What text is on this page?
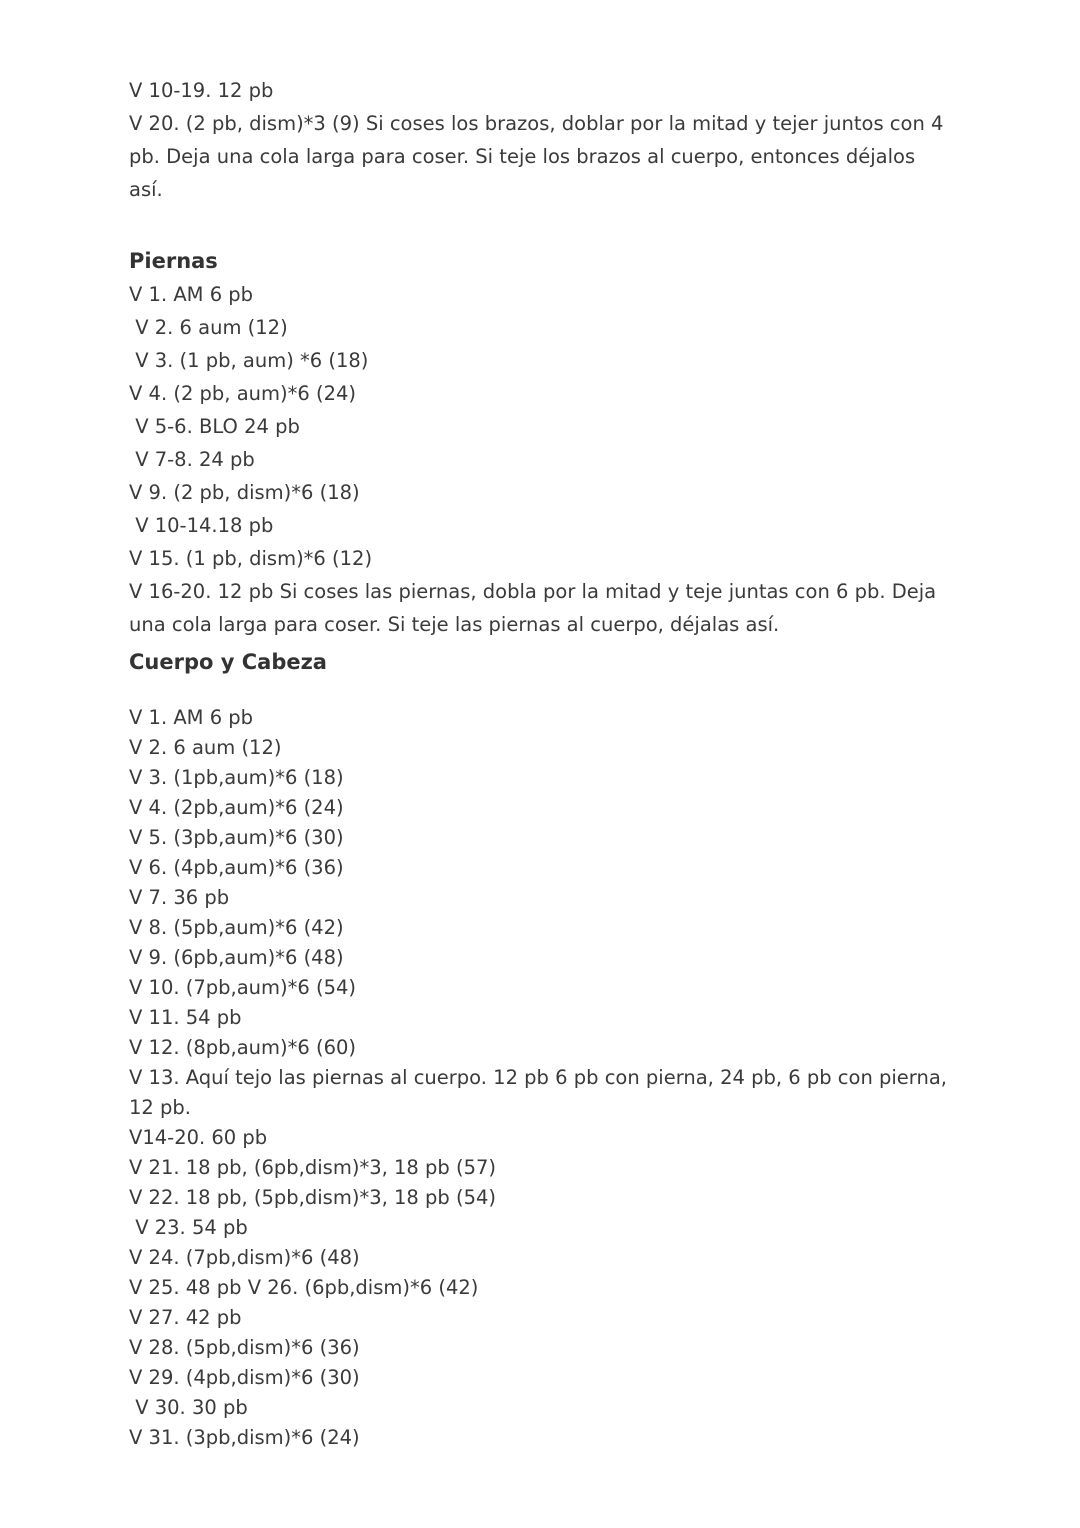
V 10-19. 12 pb
V 20. (2 pb, dism)*3 (9) Si coses los brazos, doblar por la mitad y tejer juntos con 4 pb. Deja una cola larga para coser. Si teje los brazos al cuerpo, entonces déjalos así.
Piernas
V 1. AM 6 pb
V 2. 6 aum (12)
V 3. (1 pb, aum) *6 (18)
V 4. (2 pb, aum)*6 (24)
V 5-6. BLO 24 pb
V 7-8. 24 pb
V 9. (2 pb, dism)*6 (18)
V 10-14.18 pb
V 15. (1 pb, dism)*6 (12)
V 16-20. 12 pb Si coses las piernas, dobla por la mitad y teje juntas con 6 pb. Deja una cola larga para coser. Si teje las piernas al cuerpo, déjalas así.
Cuerpo y Cabeza
V 1. AM 6 pb
V 2. 6 aum (12)
V 3. (1pb,aum)*6 (18)
V 4. (2pb,aum)*6 (24)
V 5. (3pb,aum)*6 (30)
V 6. (4pb,aum)*6 (36)
V 7. 36 pb
V 8. (5pb,aum)*6 (42)
V 9. (6pb,aum)*6 (48)
V 10. (7pb,aum)*6 (54)
V 11. 54 pb
V 12. (8pb,aum)*6 (60)
V 13. Aquí tejo las piernas al cuerpo. 12 pb 6 pb con pierna, 24 pb, 6 pb con pierna, 12 pb.
V14-20. 60 pb
V 21. 18 pb, (6pb,dism)*3, 18 pb (57)
V 22. 18 pb, (5pb,dism)*3, 18 pb (54)
V 23. 54 pb
V 24. (7pb,dism)*6 (48)
V 25. 48 pb V 26. (6pb,dism)*6 (42)
V 27. 42 pb
V 28. (5pb,dism)*6 (36)
V 29. (4pb,dism)*6 (30)
V 30. 30 pb
V 31. (3pb,dism)*6 (24)
